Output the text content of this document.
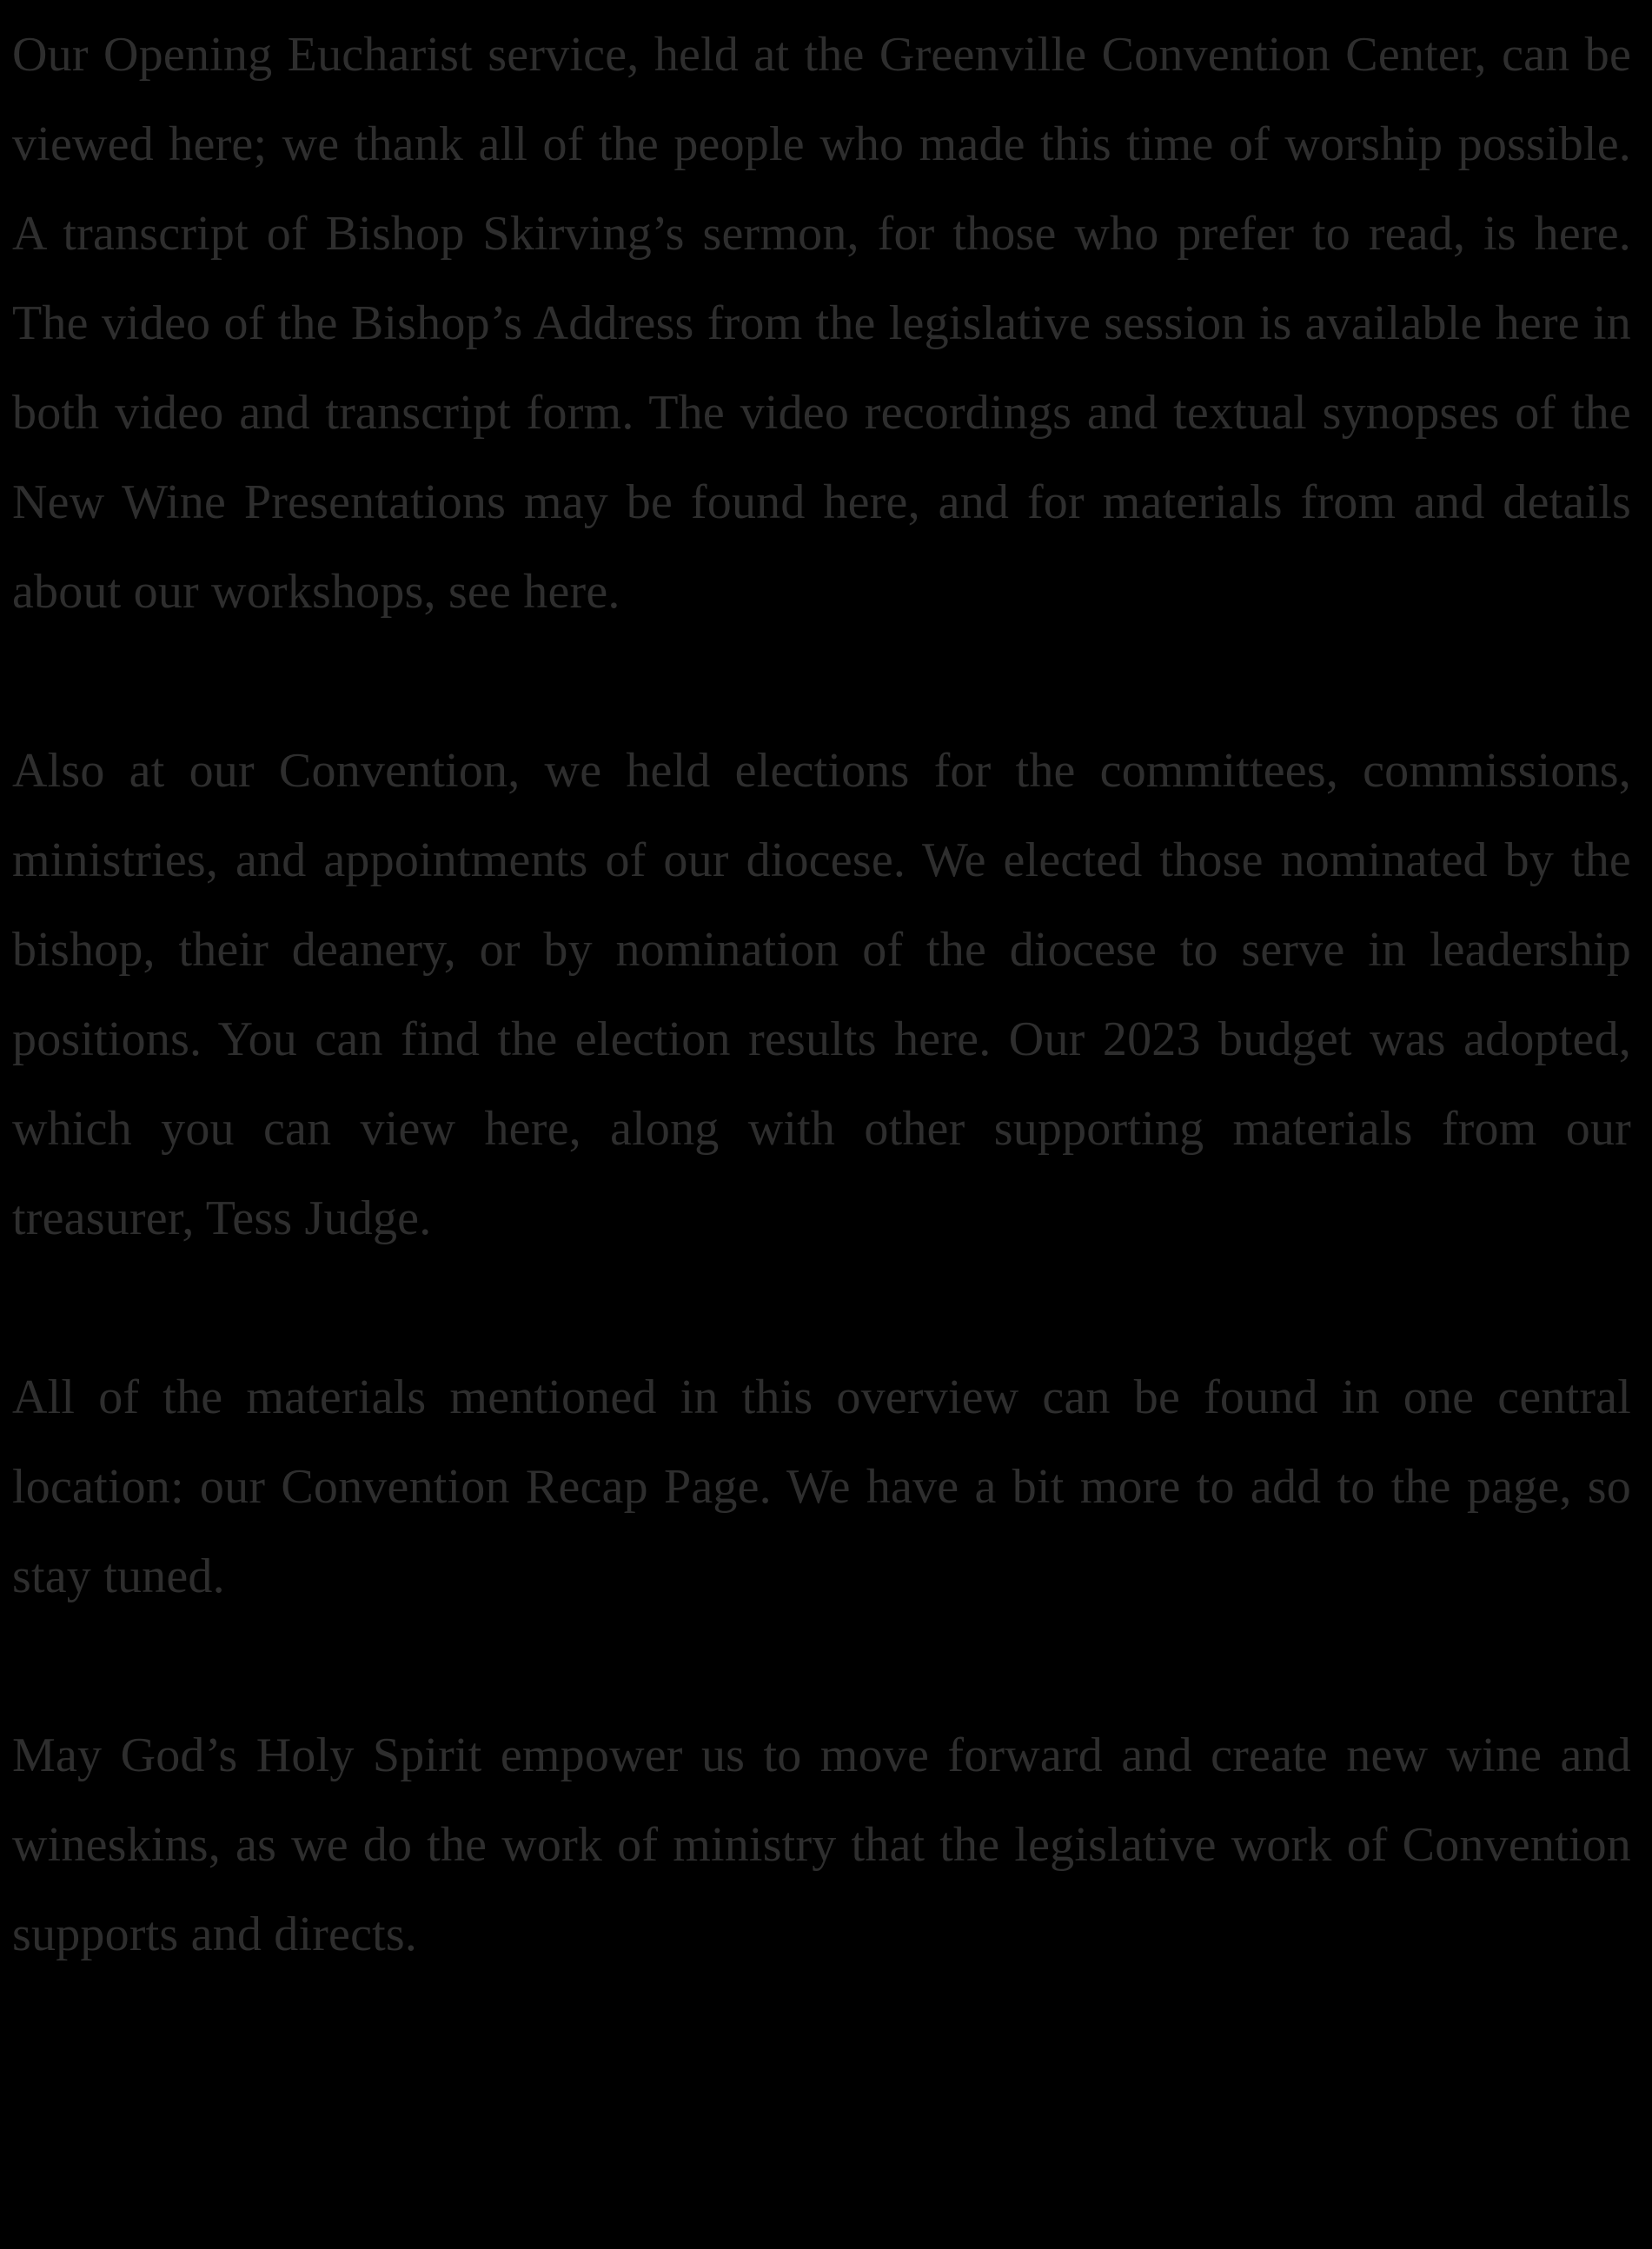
Our Opening Eucharist service, held at the Greenville Convention Center, can be viewed here; we thank all of the people who made this time of worship possible. A transcript of Bishop Skirving’s sermon, for those who prefer to read, is here. The video of the Bishop’s Address from the legislative session is available here in both video and transcript form. The video recordings and textual synopses of the New Wine Presentations may be found here, and for materials from and details about our workshops, see here.

Also at our Convention, we held elections for the committees, commissions, ministries, and appointments of our diocese. We elected those nominated by the bishop, their deanery, or by nomination of the diocese to serve in leadership positions. You can find the election results here. Our 2023 budget was adopted, which you can view here, along with other supporting materials from our treasurer, Tess Judge.

All of the materials mentioned in this overview can be found in one central location: our Convention Recap Page. We have a bit more to add to the page, so stay tuned.

May God’s Holy Spirit empower us to move forward and create new wine and wineskins, as we do the work of ministry that the legislative work of Convention supports and directs.
